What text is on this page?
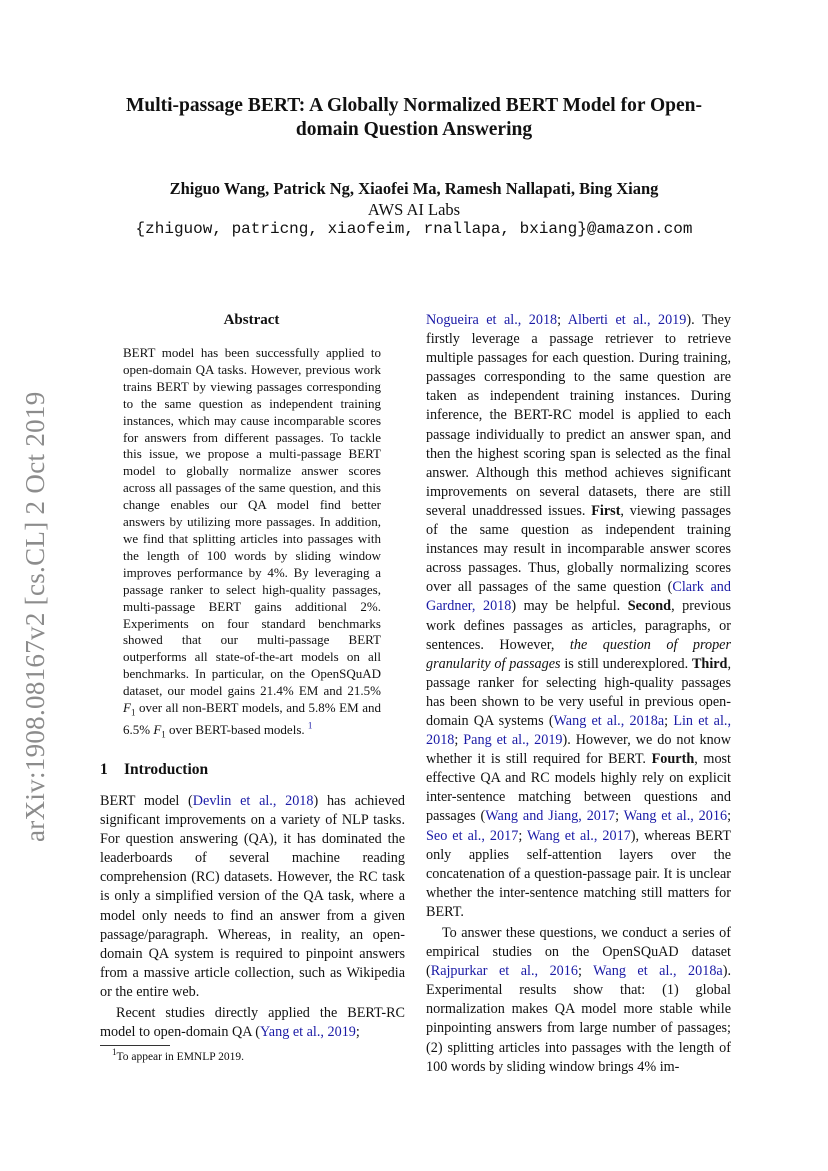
Multi-passage BERT: A Globally Normalized BERT Model for Open-domain Question Answering
Zhiguo Wang, Patrick Ng, Xiaofei Ma, Ramesh Nallapati, Bing Xiang
AWS AI Labs
{zhiguow, patricng, xiaofeim, rnallapa, bxiang}@amazon.com
arXiv:1908.08167v2 [cs.CL] 2 Oct 2019
Abstract
BERT model has been successfully applied to open-domain QA tasks. However, previous work trains BERT by viewing passages corresponding to the same question as independent training instances, which may cause incomparable scores for answers from different passages. To tackle this issue, we propose a multi-passage BERT model to globally normalize answer scores across all passages of the same question, and this change enables our QA model find better answers by utilizing more passages. In addition, we find that splitting articles into passages with the length of 100 words by sliding window improves performance by 4%. By leveraging a passage ranker to select high-quality passages, multi-passage BERT gains additional 2%. Experiments on four standard benchmarks showed that our multi-passage BERT outperforms all state-of-the-art models on all benchmarks. In particular, on the OpenSQuAD dataset, our model gains 21.4% EM and 21.5% $F_1$ over all non-BERT models, and 5.8% EM and 6.5% $F_1$ over BERT-based models. $^1$
1 Introduction

BERT model (Devlin et al., 2018) has achieved significant improvements on a variety of NLP tasks. For question answering (QA), it has dominated the leaderboards of several machine reading comprehension (RC) datasets. However, the RC task is only a simplified version of the QA task, where a model only needs to find an answer from a given passage/paragraph. Whereas, in reality, an open-domain QA system is required to pinpoint answers from a massive article collection, such as Wikipedia or the entire web.

Recent studies directly applied the BERT-RC model to open-domain QA (Yang et al., 2019;

$^1$To appear in EMNLP 2019.

Nogueira et al., 2018; Alberti et al., 2019). They firstly leverage a passage retriever to retrieve multiple passages for each question. During training, passages corresponding to the same question are taken as independent training instances. During inference, the BERT-RC model is applied to each passage individually to predict an answer span, and then the highest scoring span is selected as the final answer. Although this method achieves significant improvements on several datasets, there are still several unaddressed issues. First, viewing passages of the same question as independent training instances may result in incomparable answer scores across passages. Thus, globally normalizing scores over all passages of the same question (Clark and Gardner, 2018) may be helpful. Second, previous work defines passages as articles, paragraphs, or sentences. However, the question of proper granularity of passages is still underexplored. Third, passage ranker for selecting high-quality passages has been shown to be very useful in previous open-domain QA systems (Wang et al., 2018a; Lin et al., 2018; Pang et al., 2019). However, we do not know whether it is still required for BERT. Fourth, most effective QA and RC models highly rely on explicit inter-sentence matching between questions and passages (Wang and Jiang, 2017; Wang et al., 2016; Seo et al., 2017; Wang et al., 2017), whereas BERT only applies self-attention layers over the concatenation of a question-passage pair. It is unclear whether the inter-sentence matching still matters for BERT.

To answer these questions, we conduct a series of empirical studies on the OpenSQuAD dataset (Rajpurkar et al., 2016; Wang et al., 2018a). Experimental results show that: (1) global normalization makes QA model more stable while pinpointing answers from large number of passages; (2) splitting articles into passages with the length of 100 words by sliding window brings 4% im-
